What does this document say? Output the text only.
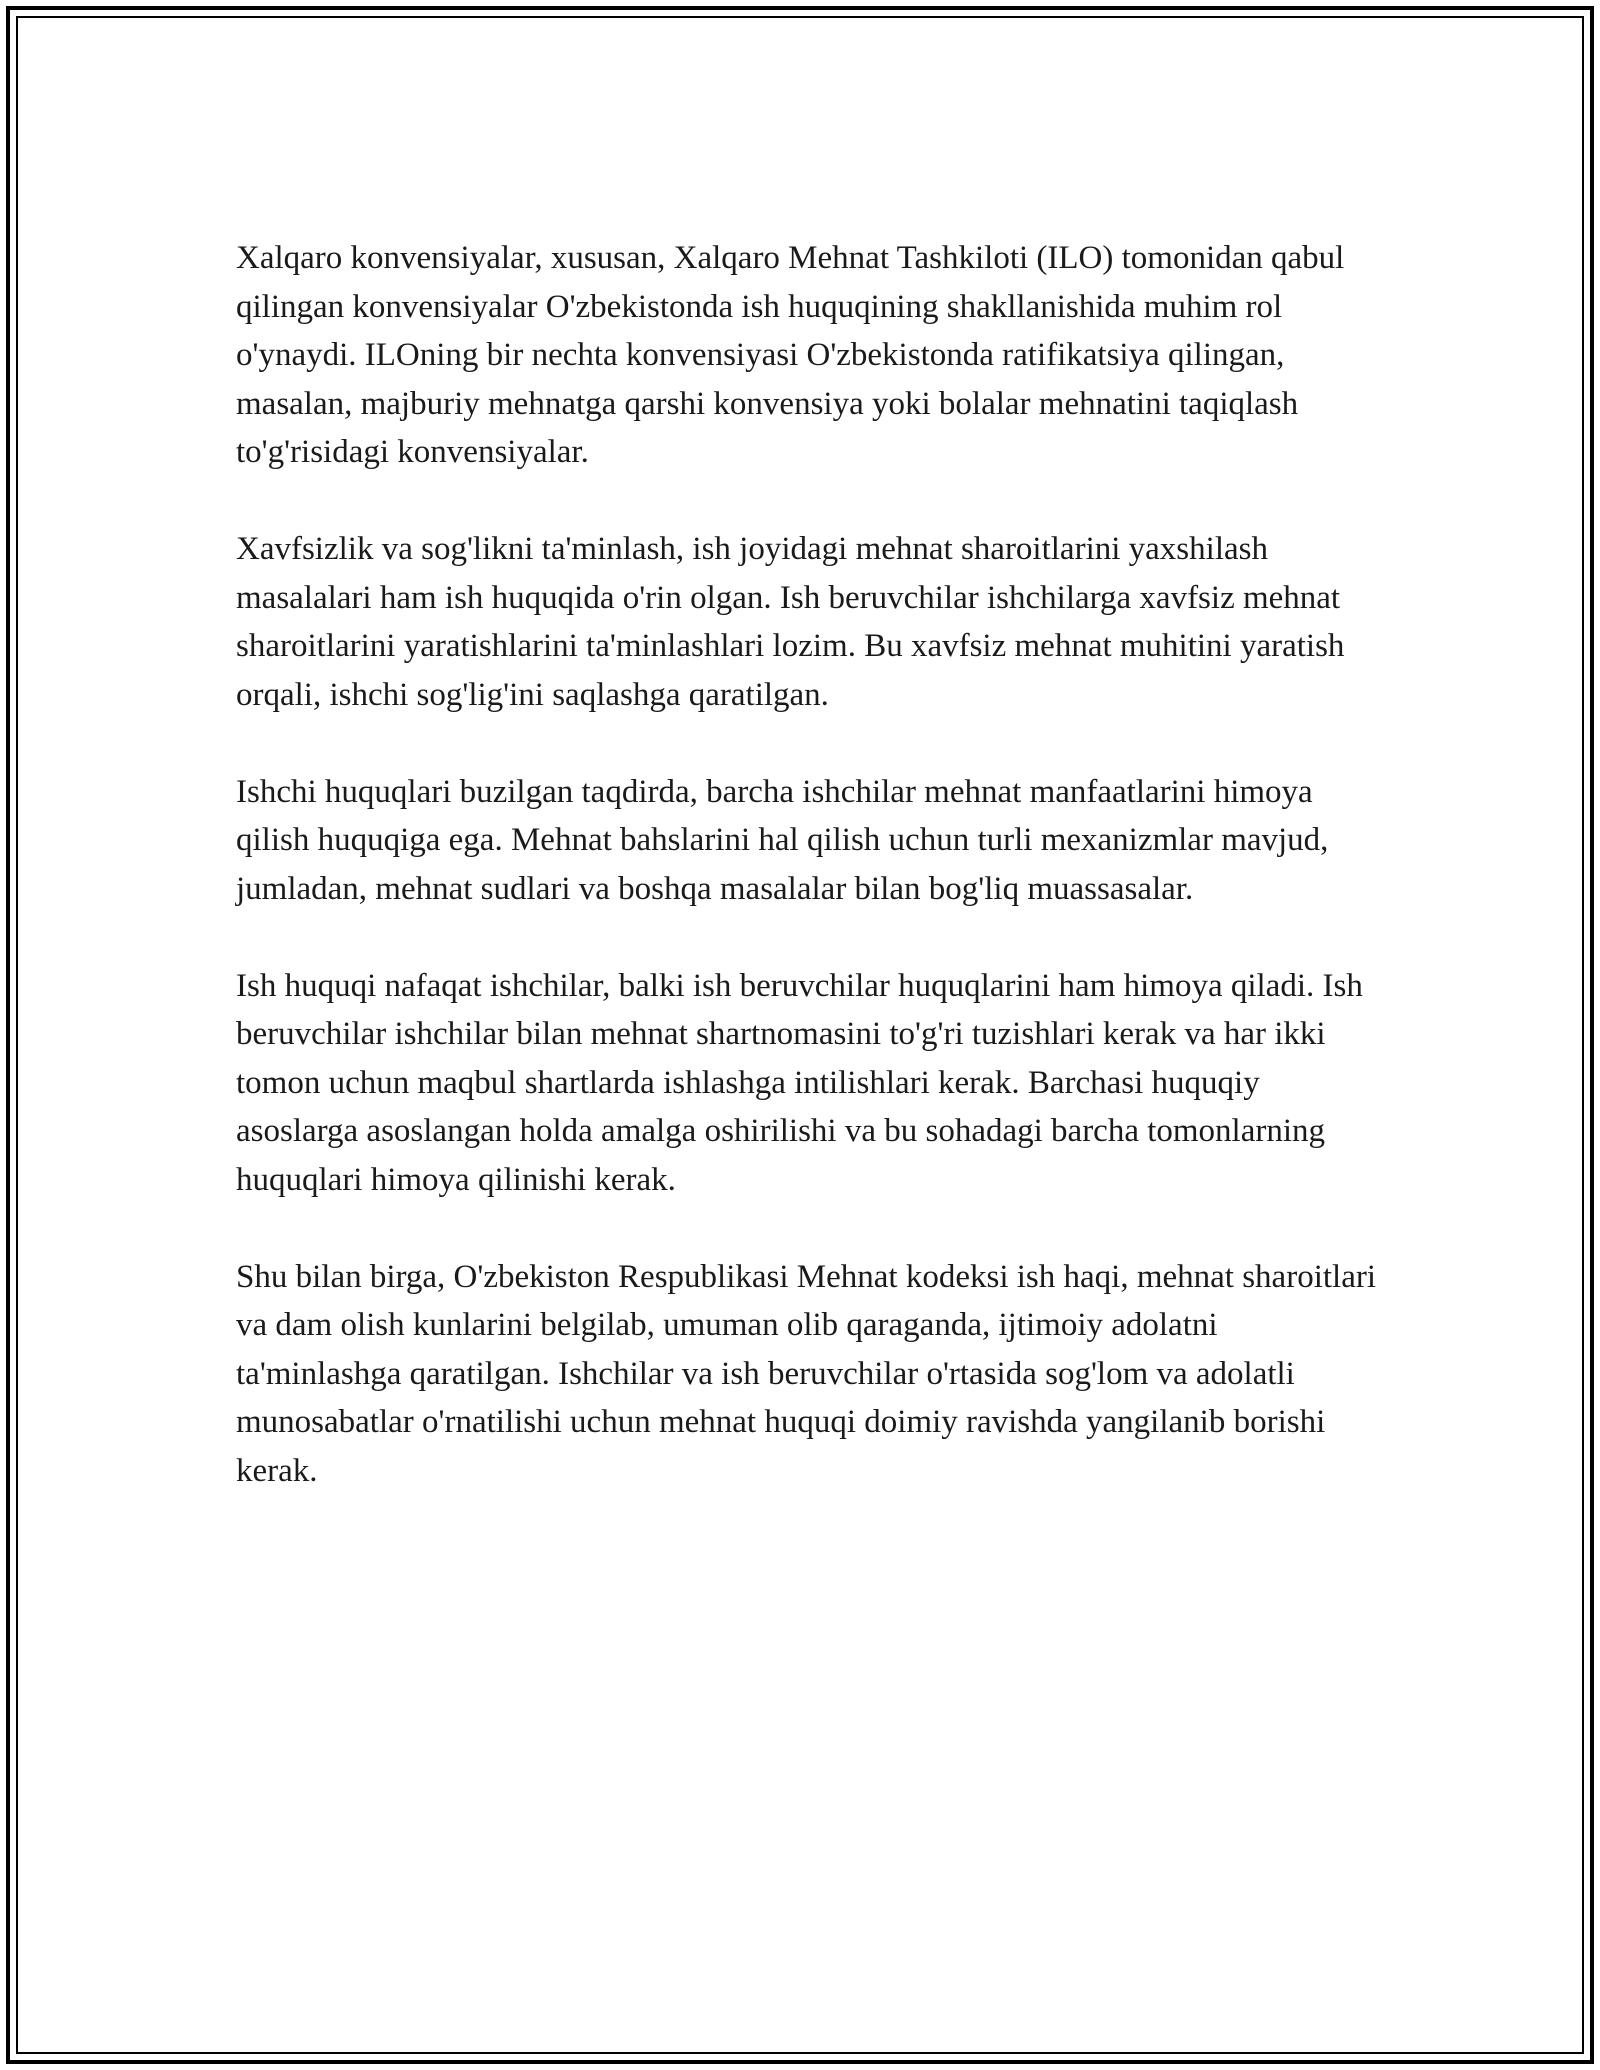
Xalqaro konvensiyalar, xususan, Xalqaro Mehnat Tashkiloti (ILO) tomonidan qabul qilingan konvensiyalar O'zbekistonda ish huquqining shakllanishida muhim rol o'ynaydi. ILOning bir nechta konvensiyasi O'zbekistonda ratifikatsiya qilingan, masalan, majburiy mehnatga qarshi konvensiya yoki bolalar mehnatini taqiqlash to'g'risidagi konvensiyalar.

Xavfsizlik va sog'likni ta'minlash, ish joyidagi mehnat sharoitlarini yaxshilash masalalari ham ish huquqida o'rin olgan. Ish beruvchilar ishchilarga xavfsiz mehnat sharoitlarini yaratishlarini ta'minlashlari lozim. Bu xavfsiz mehnat muhitini yaratish orqali, ishchi sog'lig'ini saqlashga qaratilgan.

Ishchi huquqlari buzilgan taqdirda, barcha ishchilar mehnat manfaatlarini himoya qilish huquqiga ega. Mehnat bahslarini hal qilish uchun turli mexanizmlar mavjud, jumladan, mehnat sudlari va boshqa masalalar bilan bog'liq muassasalar.

Ish huquqi nafaqat ishchilar, balki ish beruvchilar huquqlarini ham himoya qiladi. Ish beruvchilar ishchilar bilan mehnat shartnomasini to'g'ri tuzishlari kerak va har ikki tomon uchun maqbul shartlarda ishlashga intilishlari kerak. Barchasi huquqiy asoslarga asoslangan holda amalga oshirilishi va bu sohadagi barcha tomonlarning huquqlari himoya qilinishi kerak.

Shu bilan birga, O'zbekiston Respublikasi Mehnat kodeksi ish haqi, mehnat sharoitlari va dam olish kunlarini belgilab, umuman olib qaraganda, ijtimoiy adolatni ta'minlashga qaratilgan. Ishchilar va ish beruvchilar o'rtasida sog'lom va adolatli munosabatlar o'rnatilishi uchun mehnat huquqi doimiy ravishda yangilanib borishi kerak.
